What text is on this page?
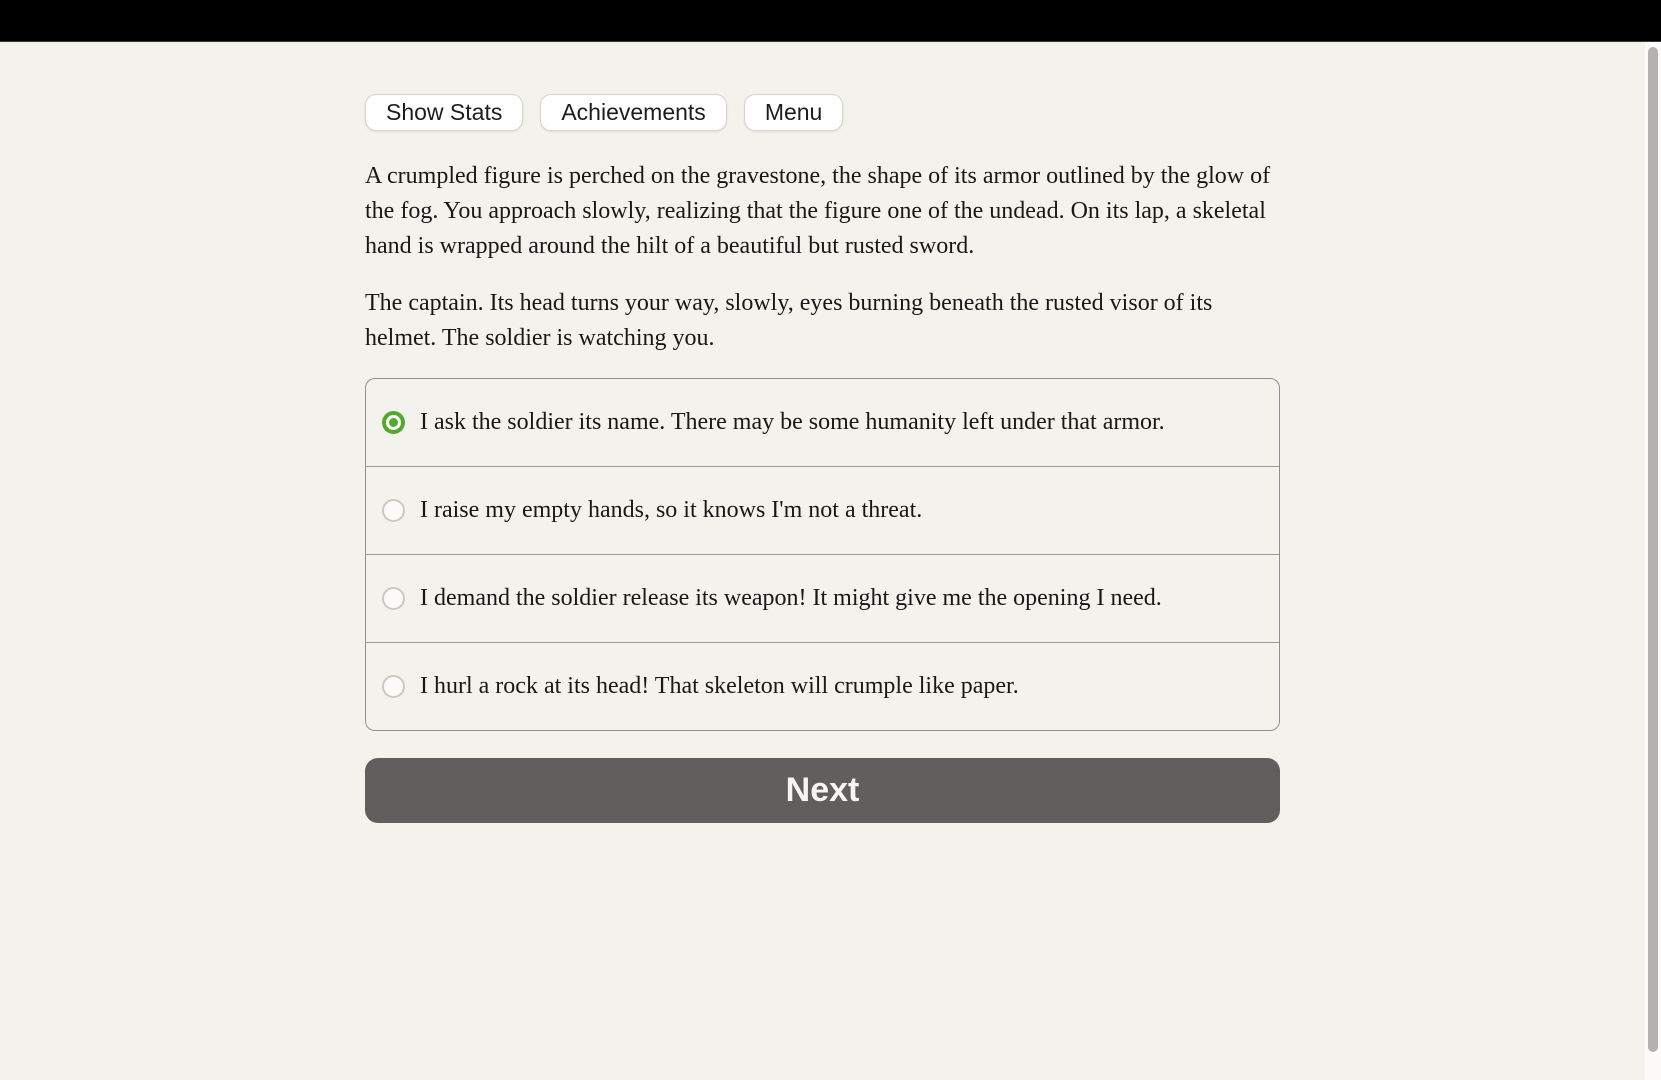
Show Stats	Achievements	Menu

A crumpled figure is perched on the gravestone, the shape of its armor outlined by the glow of the fog. You approach slowly, realizing that the figure one of the undead. On its lap, a skeletal hand is wrapped around the hilt of a beautiful but rusted sword.

The captain. Its head turns your way, slowly, eyes burning beneath the rusted visor of its helmet. The soldier is watching you.

I ask the soldier its name. There may be some humanity left under that armor.
I raise my empty hands, so it knows I'm not a threat.
I demand the soldier release its weapon! It might give me the opening I need.
I hurl a rock at its head! That skeleton will crumple like paper.
Next
